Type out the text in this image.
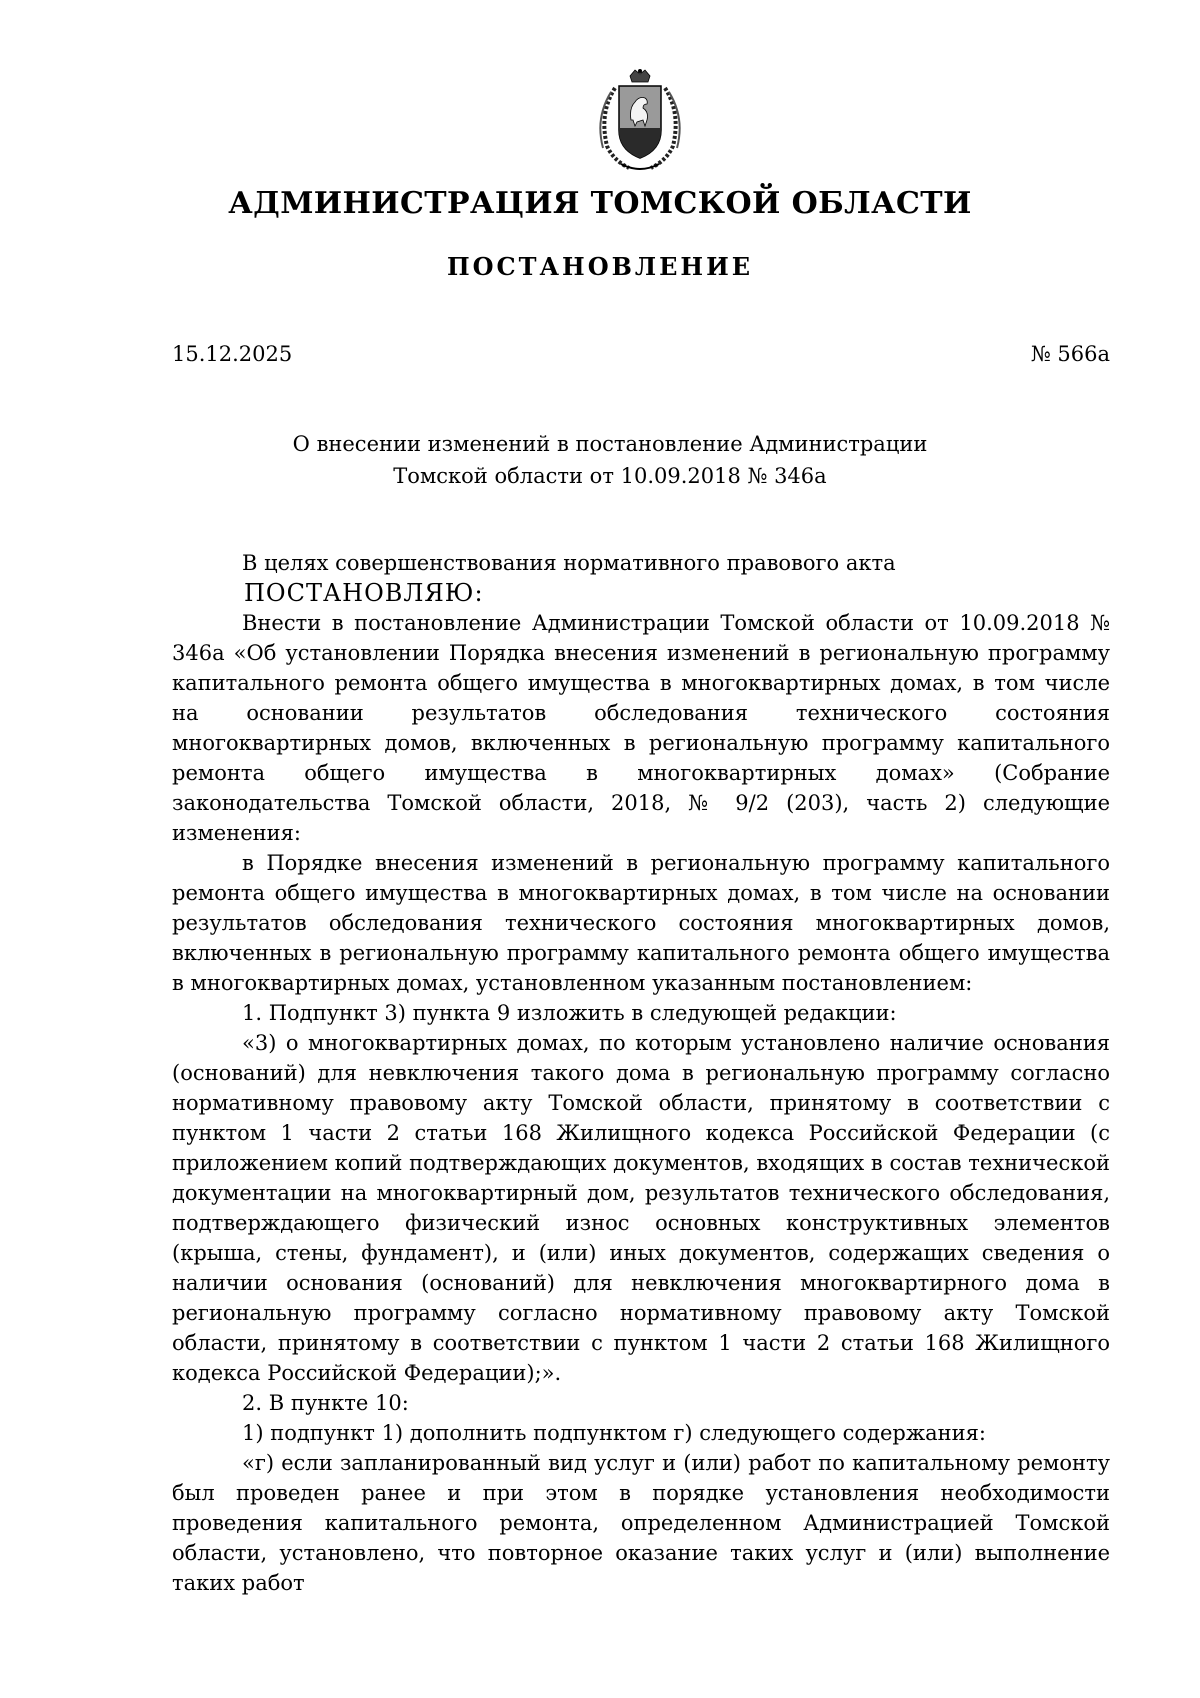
АДМИНИСТРАЦИЯ ТОМСКОЙ ОБЛАСТИ
ПОСТАНОВЛЕНИЕ
15.12.2025	№ 566а
О внесении изменений в постановление Администрации
Томской области от 10.09.2018 № 346а

В целях совершенствования нормативного правового акта

ПОСТАНОВЛЯЮ:

Внести в постановление Администрации Томской области от 10.09.2018 № 346а «Об установлении Порядка внесения изменений в региональную программу капитального ремонта общего имущества в многоквартирных домах, в том числе на основании результатов обследования технического состояния многоквартирных домов, включенных в региональную программу капитального ремонта общего имущества в многоквартирных домах» (Собрание законодательства Томской области, 2018, № 9/2 (203), часть 2) следующие изменения:

в Порядке внесения изменений в региональную программу капитального ремонта общего имущества в многоквартирных домах, в том числе на основании результатов обследования технического состояния многоквартирных домов, включенных в региональную программу капитального ремонта общего имущества в многоквартирных домах, установленном указанным постановлением:

1. Подпункт 3) пункта 9 изложить в следующей редакции:

«3) о многоквартирных домах, по которым установлено наличие основания (оснований) для невключения такого дома в региональную программу согласно нормативному правовому акту Томской области, принятому в соответствии с пунктом 1 части 2 статьи 168 Жилищного кодекса Российской Федерации (с приложением копий подтверждающих документов, входящих в состав технической документации на многоквартирный дом, результатов технического обследования, подтверждающего физический износ основных конструктивных элементов (крыша, стены, фундамент), и (или) иных документов, содержащих сведения о наличии основания (оснований) для невключения многоквартирного дома в региональную программу согласно нормативному правовому акту Томской области, принятому в соответствии с пунктом 1 части 2 статьи 168 Жилищного кодекса Российской Федерации);».

2. В пункте 10:

1) подпункт 1) дополнить подпунктом г) следующего содержания:

«г) если запланированный вид услуг и (или) работ по капитальному ремонту был проведен ранее и при этом в порядке установления необходимости проведения капитального ремонта, определенном Администрацией Томской области, установлено, что повторное оказание таких услуг и (или) выполнение таких работ
